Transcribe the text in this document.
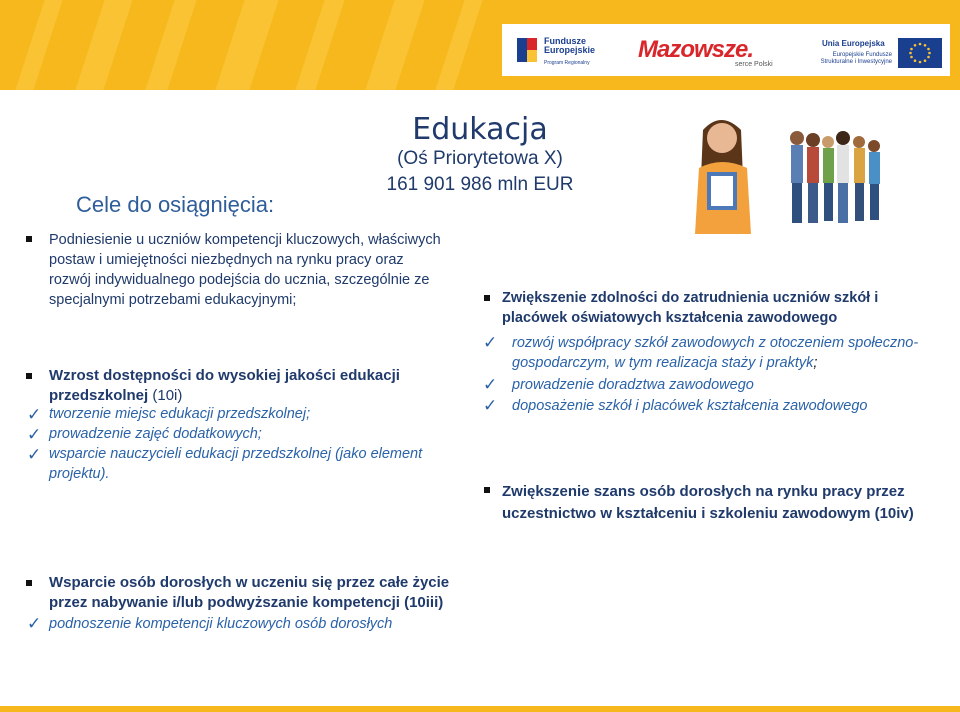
Fundusze
Europejskie
Program Regionalny Mazowsze.
serce Polski
Unia Europejska
Europejskie Fundusze
Strukturalne i Inwestycyjne
Edukacja
(Oś Priorytetowa X)
161 901 986 mln EUR
Cele do osiągnięcia:
Podniesienie u uczniów kompetencji kluczowych, właściwych
postaw i umiejętności niezbędnych na rynku pracy oraz
rozwój indywidualnego podejścia do ucznia, szczególnie ze
specjalnymi potrzebami edukacyjnymi;
Wzrost dostępności do wysokiej jakości edukacji
przedszkolnej (10i)
✓ tworzenie miejsc edukacji przedszkolnej;
✓ prowadzenie zajęć dodatkowych;
✓ wsparcie nauczycieli edukacji przedszkolnej (jako element
projektu).
Zwiększenie zdolności do zatrudnienia uczniów szkół i
placówek oświatowych kształcenia zawodowego
✓ rozwój współpracy szkół zawodowych z otoczeniem społeczno-
gospodarczym, w tym realizacja staży i praktyk;
✓ prowadzenie doradztwa zawodowego
✓ doposażenie szkół i placówek kształcenia zawodowego
Zwiększenie szans osób dorosłych na rynku pracy przez
uczestnictwo w kształceniu i szkoleniu zawodowym (10iv)
Wsparcie osób dorosłych w uczeniu się przez całe życie
przez nabywanie i/lub podwyższanie kompetencji (10iii)
✓ podnoszenie kompetencji kluczowych osób dorosłych
